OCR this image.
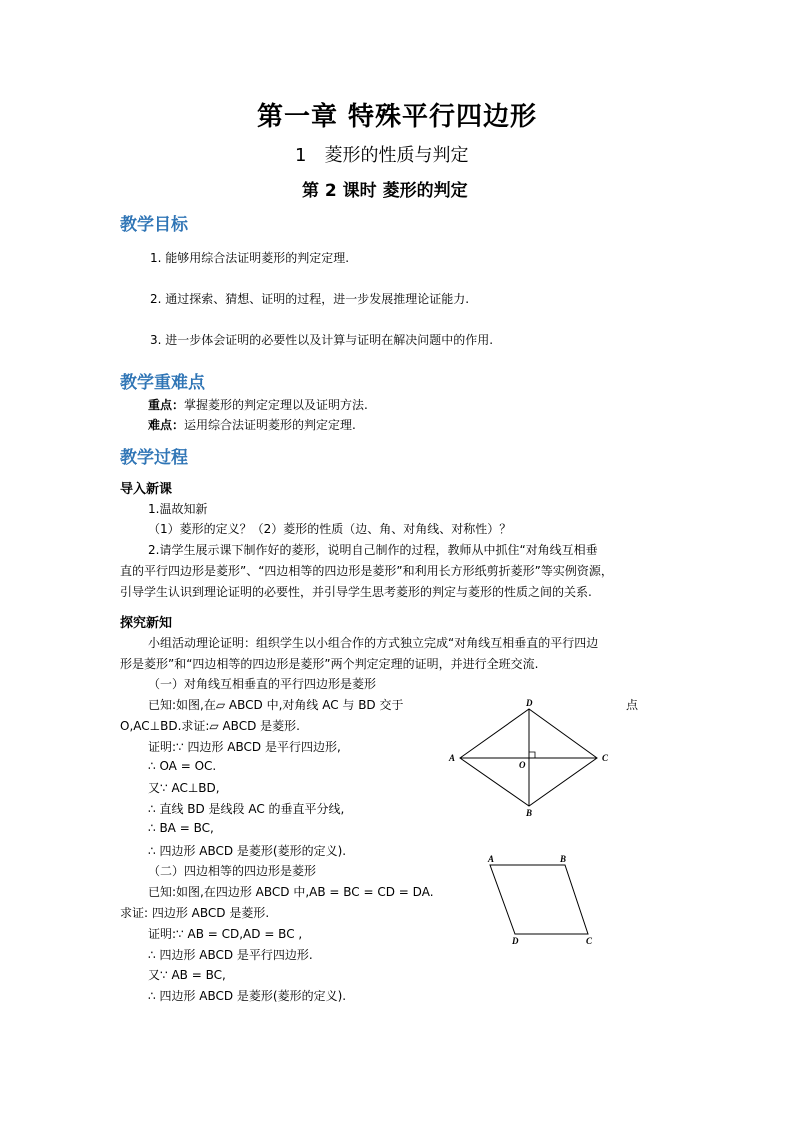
第一章 特殊平行四边形
1　菱形的性质与判定
第 2 课时 菱形的判定
教学目标
1. 能够用综合法证明菱形的判定定理.
2. 通过探索、猜想、证明的过程，进一步发展推理论证能力.
3. 进一步体会证明的必要性以及计算与证明在解决问题中的作用.
教学重难点
重点：掌握菱形的判定定理以及证明方法.
难点：运用综合法证明菱形的判定定理.
教学过程
导入新课
1.温故知新
（1）菱形的定义？（2）菱形的性质（边、角、对角线、对称性）？
2.请学生展示课下制作好的菱形，说明自己制作的过程，教师从中抓住“对角线互相垂
直的平行四边形是菱形”、“四边相等的四边形是菱形”和利用长方形纸剪折菱形”等实例资源，
引导学生认识到理论证明的必要性，并引导学生思考菱形的判定与菱形的性质之间的关系.
探究新知
小组活动理论证明：组织学生以小组合作的方式独立完成“对角线互相垂直的平行四边
形是菱形”和“四边相等的四边形是菱形”两个判定定理的证明，并进行全班交流.
（一）对角线互相垂直的平行四边形是菱形
已知:如图,在▱ ABCD 中,对角线 AC 与 BD 交于	点
O,AC⊥BD.求证:▱ ABCD 是菱形.
证明:∵ 四边形 ABCD 是平行四边形,
∴ OA = OC.
又∵ AC⊥BD,
∴ 直线 BD 是线段 AC 的垂直平分线,
∴ BA = BC,
∴ 四边形 ABCD 是菱形(菱形的定义).
（二）四边相等的四边形是菱形
已知:如图,在四边形 ABCD 中,AB = BC = CD = DA.
求证: 四边形 ABCD 是菱形.
证明:∵ AB = CD,AD = BC ,
∴ 四边形 ABCD 是平行四边形.
又∵ AB = BC,
∴ 四边形 ABCD 是菱形(菱形的定义).
D
A	C
B
O
A	B
C
D
